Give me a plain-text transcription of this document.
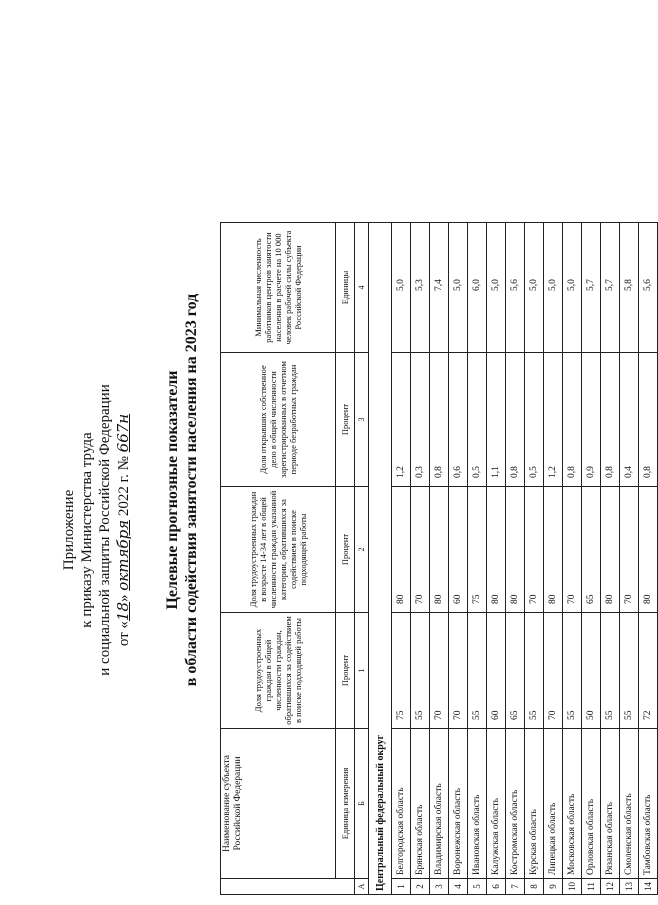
Приложение к приказу Министерства труда и социальной защиты Российской Федерации от «18» октября 2022 г. № 667н Целевые прогнозные показатели в области содействия занятости населения на 2023 год
	Наименование субъекта Российской Федерации	Доля трудоустроенных граждан в общей численности граждан, обратившихся за содействием в поиске подходящей работы	Доля трудоустроенных граждан в возрасте 14-34 лет в общей численности граждан указанной категории, обратившихся за содействием в поиске подходящей работы	Доля открывших собственное дело в общей численности зарегистрированных в отчетном периоде безработных граждан	Минимальная численность работников центров занятости населения в расчете на 10 000 человек рабочей силы субъекта Российской Федерации
	Единица измерения	Процент	Процент	Процент	Единицы
А	Б	1	2	3	4
Центральный федеральный округ					
1	Белгородская область	75	80	1,2	5,0
2	Брянская область	55	70	0,3	5,3
3	Владимирская область	70	80	0,8	7,4
4	Воронежская область	70	60	0,6	5,0
5	Ивановская область	55	75	0,5	6,0
6	Калужская область	60	80	1,1	5,0
7	Костромская область	65	80	0,8	5,6
8	Курская область	55	70	0,5	5,0
9	Липецкая область	70	80	1,2	5,0
10	Московская область	55	70	0,8	5,0
11	Орловская область	50	65	0,9	5,7
12	Рязанская область	55	80	0,8	5,7
13	Смоленская область	55	70	0,4	5,8
14	Тамбовская область	72	80	0,8	5,6
